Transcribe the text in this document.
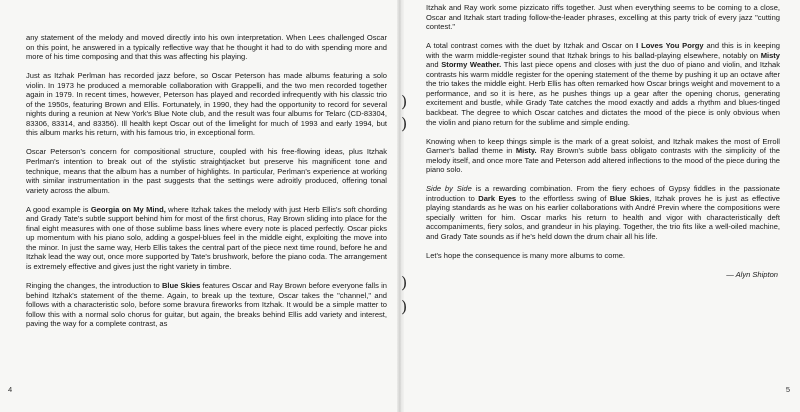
any statement of the melody and moved directly into his own interpretation. When Lees challenged Oscar on this point, he answered in a typically reflective way that he thought it had to do with spending more and more of his time composing and that this was affecting his playing.

Just as Itzhak Perlman has recorded jazz before, so Oscar Peterson has made albums featuring a solo violin. In 1973 he produced a memorable collaboration with Grappelli, and the two men recorded together again in 1979. In recent times, however, Peterson has played and recorded infrequently with his classic trio of the 1950s, featuring Brown and Ellis. Fortunately, in 1990, they had the opportunity to record for several nights during a reunion at New York's Blue Note club, and the result was four albums for Telarc (CD-83304, 83306, 83314, and 83356). Ill health kept Oscar out of the limelight for much of 1993 and early 1994, but this album marks his return, with his famous trio, in exceptional form.

Oscar Peterson's concern for compositional structure, coupled with his free-flowing ideas, plus Itzhak Perlman's intention to break out of the stylistic straightjacket but preserve his magnificent tone and technique, means that the album has a number of highlights. In particular, Perlman's experience at working with similar instrumentation in the past suggests that the settings were adroitly produced, offering tonal variety across the album.

A good example is Georgia on My Mind, where Itzhak takes the melody with just Herb Ellis's soft chording and Grady Tate's subtle support behind him for most of the first chorus, Ray Brown sliding into place for the final eight measures with one of those sublime bass lines where every note is placed perfectly. Oscar picks up momentum with his piano solo, adding a gospel-blues feel in the middle eight, exploiting the move into the minor. In just the same way, Herb Ellis takes the central part of the piece next time round, before he and Itzhak lead the way out, once more supported by Tate's brushwork, before the piano coda. The arrangement is extremely effective and gives just the right variety in timbre.

Ringing the changes, the introduction to Blue Skies features Oscar and Ray Brown before everyone falls in behind Itzhak's statement of the theme. Again, to break up the texture, Oscar takes the "channel," and follows with a characteristic solo, before some bravura fireworks from Itzhak. It would be a simple matter to follow this with a normal solo chorus for guitar, but again, the breaks behind Ellis add variety and interest, paving the way for a complete contrast, as

4
)
)
)
)

Itzhak and Ray work some pizzicato riffs together. Just when everything seems to be coming to a close, Oscar and Itzhak start trading follow-the-leader phrases, excelling at this party trick of every jazz "cutting contest."

A total contrast comes with the duet by Itzhak and Oscar on I Loves You Porgy and this is in keeping with the warm middle-register sound that Itzhak brings to his ballad-playing elsewhere, notably on Misty and Stormy Weather. This last piece opens and closes with just the duo of piano and violin, and Itzhak contrasts his warm middle register for the opening statement of the theme by pushing it up an octave after the trio takes the middle eight. Herb Ellis has often remarked how Oscar brings weight and movement to a performance, and so it is here, as he pushes things up a gear after the opening chorus, generating excitement and bustle, while Grady Tate catches the mood exactly and adds a rhythm and blues-tinged backbeat. The degree to which Oscar catches and dictates the mood of the piece is only obvious when the violin and piano return for the sublime and simple ending.

Knowing when to keep things simple is the mark of a great soloist, and Itzhak makes the most of Erroll Garner's ballad theme in Misty. Ray Brown's subtle bass obligato contrasts with the simplicity of the melody itself, and once more Tate and Peterson add altered inflections to the mood of the piece during the piano solo.

Side by Side is a rewarding combination. From the fiery echoes of Gypsy fiddles in the passionate introduction to Dark Eyes to the effortless swing of Blue Skies, Itzhak proves he is just as effective playing standards as he was on his earlier collaborations with André Previn where the compositions were specially written for him. Oscar marks his return to health and vigor with characteristically deft accompaniments, fiery solos, and grandeur in his playing. Together, the trio fits like a well-oiled machine, and Grady Tate sounds as if he's held down the drum chair all his life.

Let's hope the consequence is many more albums to come.

— Alyn Shipton

5
